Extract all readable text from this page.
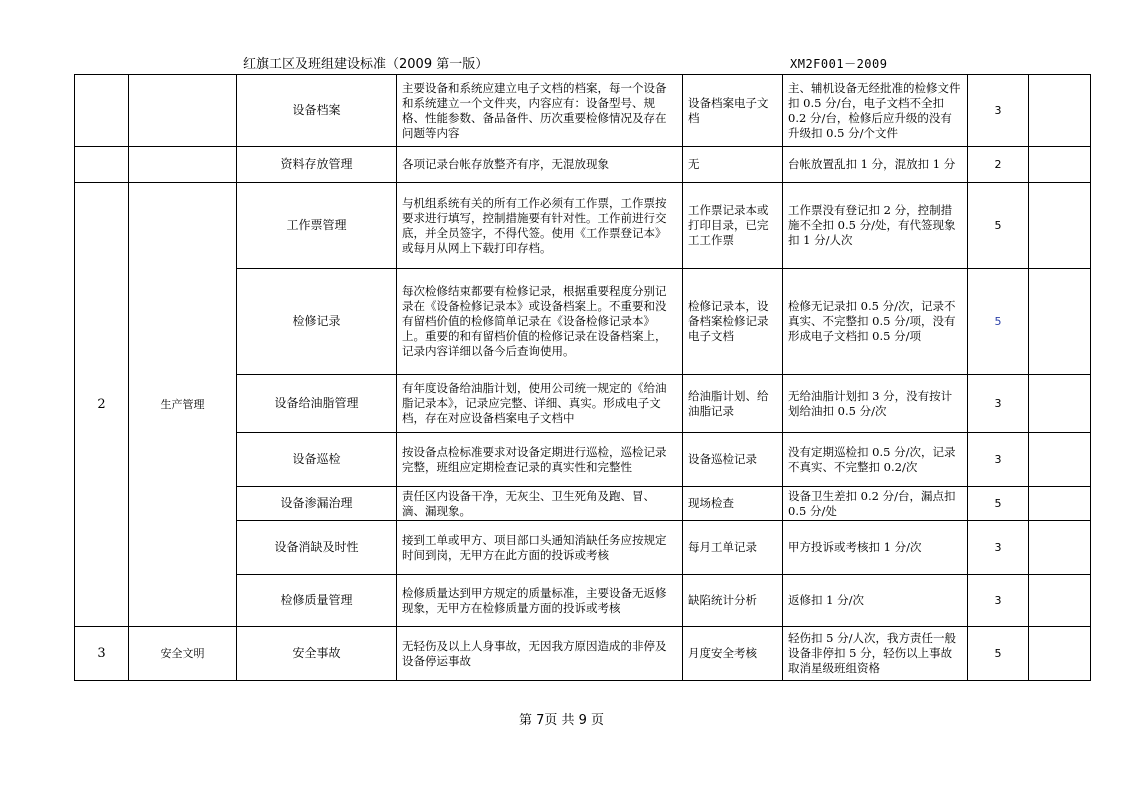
红旗工区及班组建设标准（2009 第一版）	XM2F001－2009
		设备档案	主要设备和系统应建立电子文档的档案，每一个设备和系统建立一个文件夹，内容应有：设备型号、规格、性能参数、备品备件、历次重要检修情况及存在问题等内容	设备档案电子文档	主、辅机设备无经批准的检修文件扣 0.5 分/台，电子文档不全扣 0.2 分/台，检修后应升级的没有升级扣 0.5 分/个文件	3	
		资料存放管理	各项记录台帐存放整齐有序，无混放现象	无	台帐放置乱扣 1 分，混放扣 1 分	2	
2	生产管理	工作票管理	与机组系统有关的所有工作必须有工作票，工作票按要求进行填写，控制措施要有针对性。工作前进行交底，并全员签字，不得代签。使用《工作票登记本》或每月从网上下载打印存档。	工作票记录本或打印目录，已完工工作票	工作票没有登记扣 2 分，控制措施不全扣 0.5 分/处，有代签现象扣 1 分/人次	5	
		检修记录	每次检修结束都要有检修记录，根据重要程度分别记录在《设备检修记录本》或设备档案上。不重要和没有留档价值的检修简单记录在《设备检修记录本》上。重要的和有留档价值的检修记录在设备档案上，记录内容详细以备今后查询使用。	检修记录本，设备档案检修记录电子文档	检修无记录扣 0.5 分/次，记录不真实、不完整扣 0.5 分/项，没有形成电子文档扣 0.5 分/项	5	
		设备给油脂管理	有年度设备给油脂计划，使用公司统一规定的《给油脂记录本》，记录应完整、详细、真实。形成电子文档，存在对应设备档案电子文档中	给油脂计划、给油脂记录	无给油脂计划扣 3 分，没有按计划给油扣 0.5 分/次	3	
		设备巡检	按设备点检标准要求对设备定期进行巡检，巡检记录完整，班组应定期检查记录的真实性和完整性	设备巡检记录	没有定期巡检扣 0.5 分/次，记录不真实、不完整扣 0.2/次	3	
		设备渗漏治理	责任区内设备干净，无灰尘、卫生死角及跑、冒、滴、漏现象。	现场检查	设备卫生差扣 0.2 分/台，漏点扣 0.5 分/处	5	
		设备消缺及时性	接到工单或甲方、项目部口头通知消缺任务应按规定时间到岗，无甲方在此方面的投诉或考核	每月工单记录	甲方投诉或考核扣 1 分/次	3	
		检修质量管理	检修质量达到甲方规定的质量标准，主要设备无返修现象，无甲方在检修质量方面的投诉或考核	缺陷统计分析	返修扣 1 分/次	3	
3	安全文明	安全事故	无轻伤及以上人身事故，无因我方原因造成的非停及设备停运事故	月度安全考核	轻伤扣 5 分/人次，我方责任一般设备非停扣 5 分，轻伤以上事故取消星级班组资格	5	
第 7页 共 9 页
